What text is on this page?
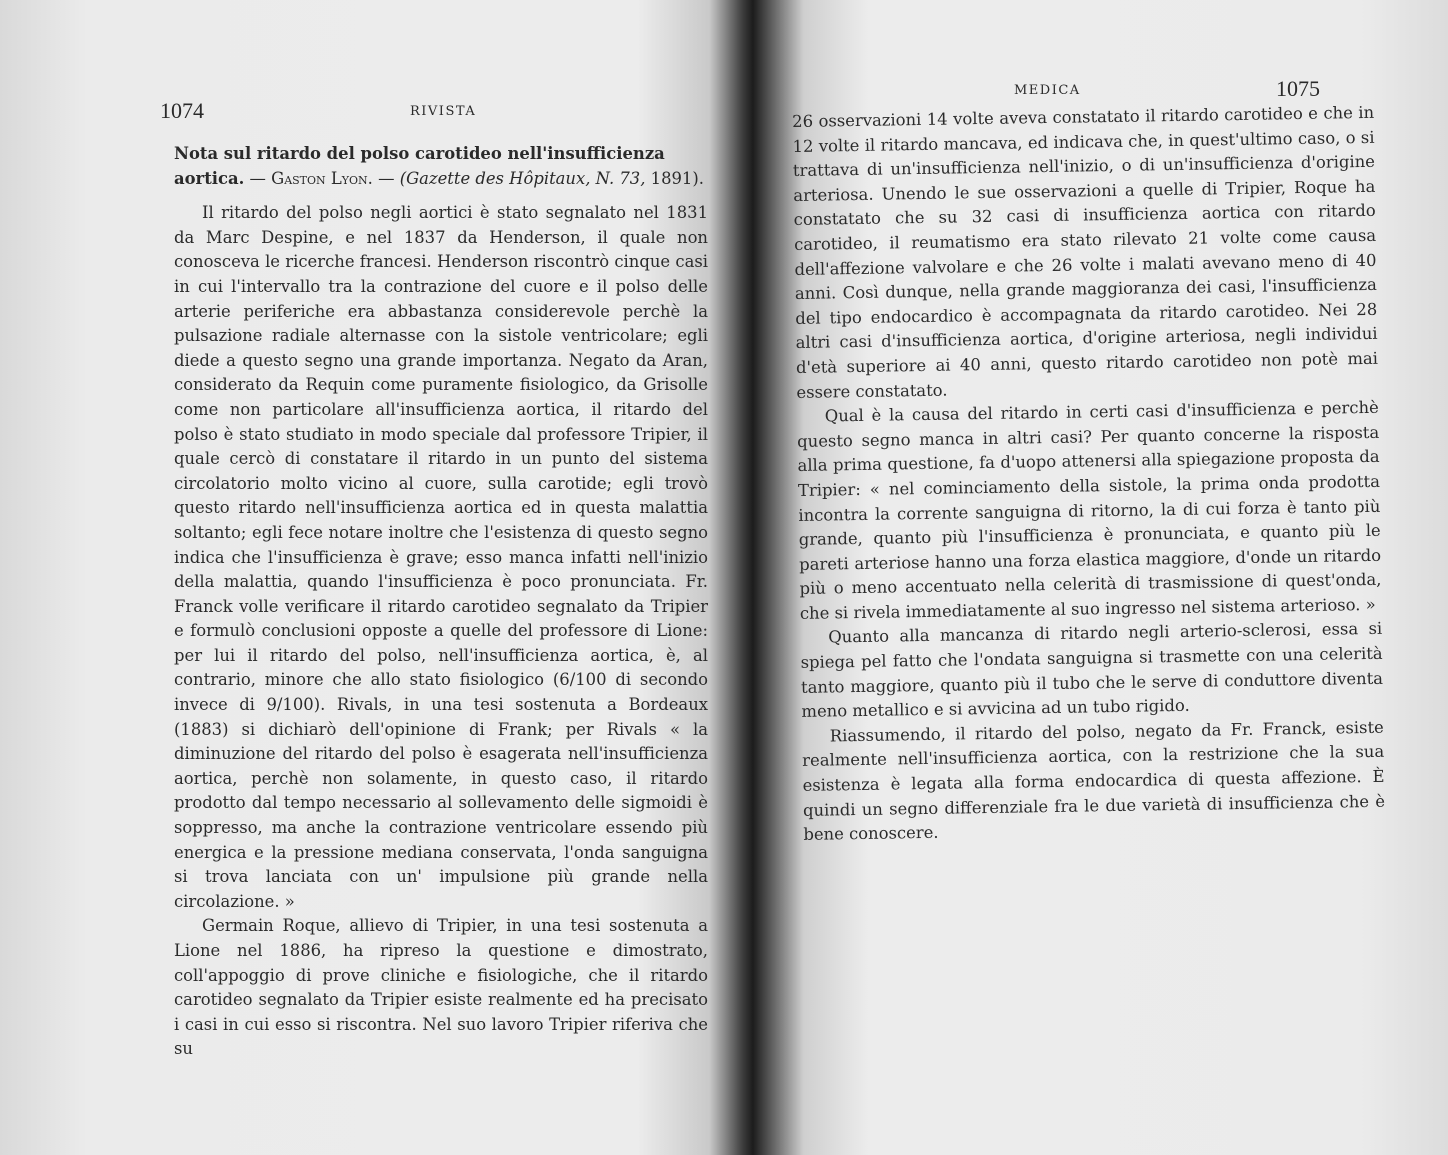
1074	RIVISTA

Nota sul ritardo del polso carotideo nell'insufficienza aortica. — Gaston Lyon. — (Gazette des Hôpitaux, N. 73, 1891).

Il ritardo del polso negli aortici è stato segnalato nel 1831 da Marc Despine, e nel 1837 da Henderson, il quale non conosceva le ricerche francesi. Henderson riscontrò cinque casi in cui l'intervallo tra la contrazione del cuore e il polso delle arterie periferiche era abbastanza considerevole perchè la pulsazione radiale alternasse con la sistole ventricolare; egli diede a questo segno una grande importanza. Negato da Aran, considerato da Requin come puramente fisiologico, da Grisolle come non particolare all'insufficienza aortica, il ritardo del polso è stato studiato in modo speciale dal professore Tripier, il quale cercò di constatare il ritardo in un punto del sistema circolatorio molto vicino al cuore, sulla carotide; egli trovò questo ritardo nell'insufficienza aortica ed in questa malattia soltanto; egli fece notare inoltre che l'esistenza di questo segno indica che l'insufficienza è grave; esso manca infatti nell'inizio della malattia, quando l'insufficienza è poco pronunciata. Fr. Franck volle verificare il ritardo carotideo segnalato da Tripier e formulò conclusioni opposte a quelle del professore di Lione: per lui il ritardo del polso, nell'insufficienza aortica, è, al contrario, minore che allo stato fisiologico (6/100 di secondo invece di 9/100). Rivals, in una tesi sostenuta a Bordeaux (1883) si dichiarò dell'opinione di Frank; per Rivals « la diminuzione del ritardo del polso è esagerata nell'insufficienza aortica, perchè non solamente, in questo caso, il ritardo prodotto dal tempo necessario al sollevamento delle sigmoidi è soppresso, ma anche la contrazione ventricolare essendo più energica e la pressione mediana conservata, l'onda sanguigna si trova lanciata con un' impulsione più grande nella circolazione. »

Germain Roque, allievo di Tripier, in una tesi sostenuta a Lione nel 1886, ha ripreso la questione e dimostrato, coll'appoggio di prove cliniche e fisiologiche, che il ritardo carotideo segnalato da Tripier esiste realmente ed ha precisato i casi in cui esso si riscontra. Nel suo lavoro Tripier riferiva che su

MEDICA	1075

26 osservazioni 14 volte aveva constatato il ritardo carotideo e che in 12 volte il ritardo mancava, ed indicava che, in quest'ultimo caso, o si trattava di un'insufficienza nell'inizio, o di un'insufficienza d'origine arteriosa. Unendo le sue osservazioni a quelle di Tripier, Roque ha constatato che su 32 casi di insufficienza aortica con ritardo carotideo, il reumatismo era stato rilevato 21 volte come causa dell'affezione valvolare e che 26 volte i malati avevano meno di 40 anni. Così dunque, nella grande maggioranza dei casi, l'insufficienza del tipo endocardico è accompagnata da ritardo carotideo. Nei 28 altri casi d'insufficienza aortica, d'origine arteriosa, negli individui d'età superiore ai 40 anni, questo ritardo carotideo non potè mai essere constatato.

Qual è la causa del ritardo in certi casi d'insufficienza e perchè questo segno manca in altri casi? Per quanto concerne la risposta alla prima questione, fa d'uopo attenersi alla spiegazione proposta da Tripier: « nel cominciamento della sistole, la prima onda prodotta incontra la corrente sanguigna di ritorno, la di cui forza è tanto più grande, quanto più l'insufficienza è pronunciata, e quanto più le pareti arteriose hanno una forza elastica maggiore, d'onde un ritardo più o meno accentuato nella celerità di trasmissione di quest'onda, che si rivela immediatamente al suo ingresso nel sistema arterioso. »

Quanto alla mancanza di ritardo negli arterio-sclerosi, essa si spiega pel fatto che l'ondata sanguigna si trasmette con una celerità tanto maggiore, quanto più il tubo che le serve di conduttore diventa meno metallico e si avvicina ad un tubo rigido.

Riassumendo, il ritardo del polso, negato da Fr. Franck, esiste realmente nell'insufficienza aortica, con la restrizione che la sua esistenza è legata alla forma endocardica di questa affezione. È quindi un segno differenziale fra le due varietà di insufficienza che è bene conoscere.
